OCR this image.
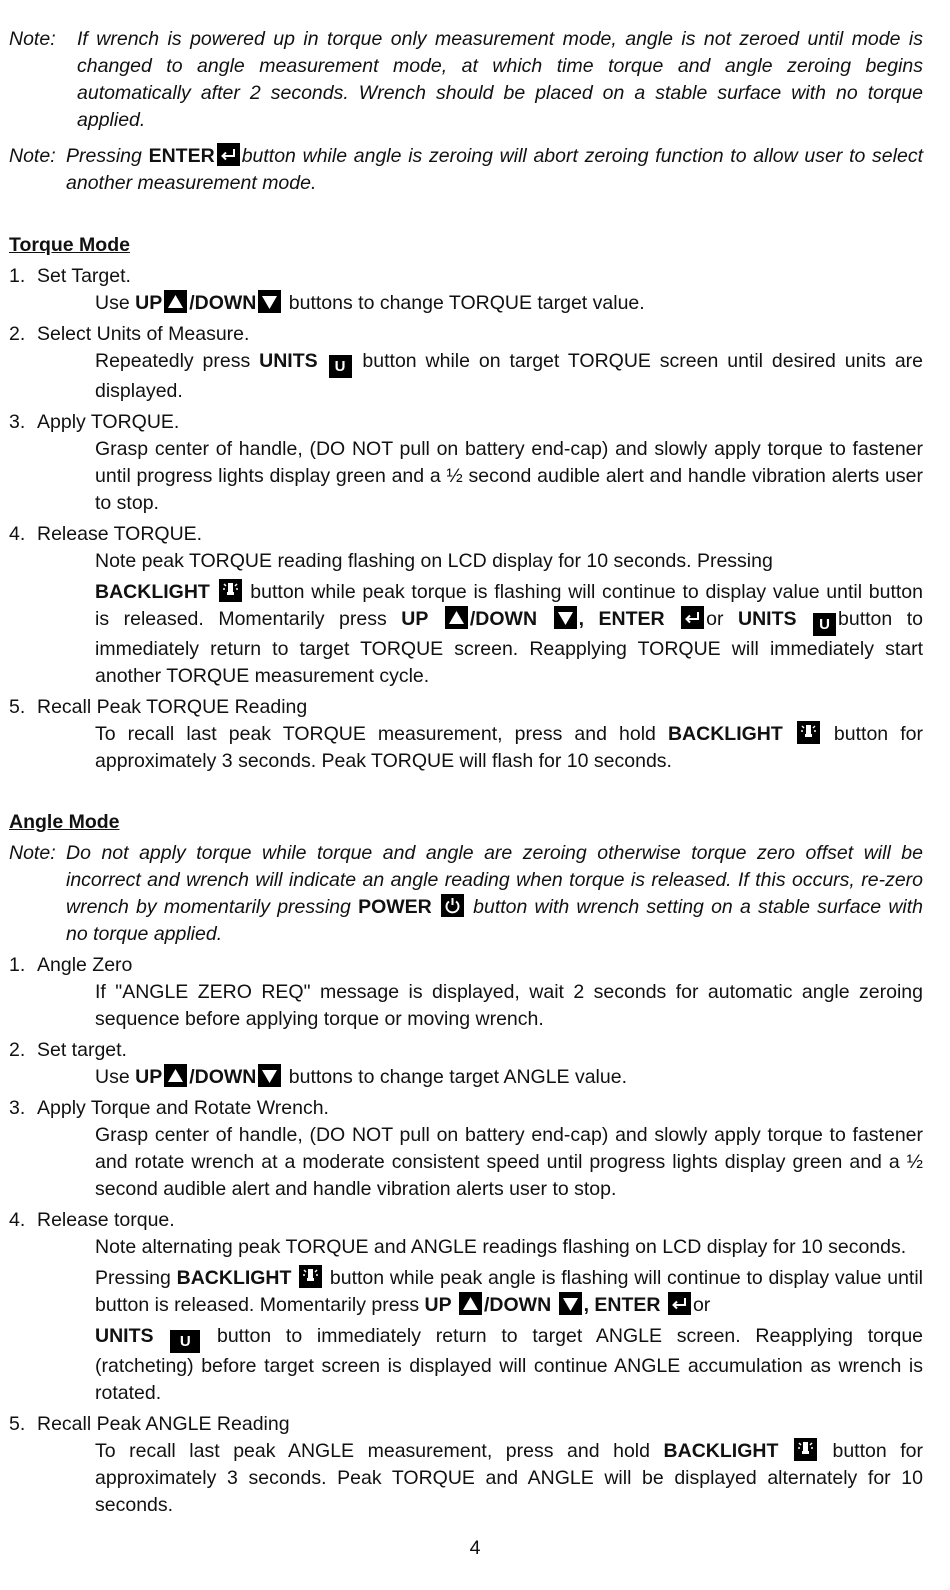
Note:	If wrench is powered up in torque only measurement mode, angle is not zeroed until mode is changed to angle measurement mode, at which time torque and angle zeroing begins automatically after 2 seconds. Wrench should be placed on a stable surface with no torque applied.
Note: Pressing ENTER button while angle is zeroing will abort zeroing function to allow user to select another measurement mode.
Torque Mode
1. Set Target.
Use UP /DOWN
buttons to change TORQUE target value.
2. Select Units of Measure.
Repeatedly press UNITS U button while on target TORQUE screen until desired units are displayed.
3. Apply TORQUE.
Grasp center of handle, (DO NOT pull on battery end-cap) and slowly apply torque to fastener until progress lights display green and a ½ second audible alert and handle vibration alerts user to stop.
4. Release TORQUE.
Note peak TORQUE reading flashing on LCD display for 10 seconds. Pressing
BACKLIGHT
button while peak torque is flashing will continue to display value until button is released. Momentarily press UP /DOWN , ENTER or UNITS U button to immediately return to target TORQUE screen. Reapplying TORQUE will immediately start another TORQUE measurement cycle.
5. Recall Peak TORQUE Reading
To recall last peak TORQUE measurement, press and hold BACKLIGHT
button for approximately 3 seconds. Peak TORQUE will flash for 10 seconds.
Angle Mode
Note: Do not apply torque while torque and angle are zeroing otherwise torque zero offset will be incorrect and wrench will indicate an angle reading when torque is released. If this occurs, re-zero wrench by momentarily pressing POWER
button with wrench setting on a stable surface with no torque applied.
1. Angle Zero
If "ANGLE ZERO REQ" message is displayed, wait 2 seconds for automatic angle zeroing sequence before applying torque or moving wrench.
2. Set target.
Use UP /DOWN
buttons to change target ANGLE value.
3. Apply Torque and Rotate Wrench.
Grasp center of handle, (DO NOT pull on battery end-cap) and slowly apply torque to fastener and rotate wrench at a moderate consistent speed until progress lights display green and a ½ second audible alert and handle vibration alerts user to stop.
4. Release torque.
Note alternating peak TORQUE and ANGLE readings flashing on LCD display for 10 seconds.
Pressing BACKLIGHT
button while peak angle is flashing will continue to display value until button is released. Momentarily press UP /DOWN , ENTER or
UNITS U button to immediately return to target ANGLE screen. Reapplying torque (ratcheting) before target screen is displayed will continue ANGLE accumulation as wrench is rotated.
5. Recall Peak ANGLE Reading
To recall last peak ANGLE measurement, press and hold BACKLIGHT
button for approximately 3 seconds. Peak TORQUE and ANGLE will be displayed alternately for 10 seconds.
4
